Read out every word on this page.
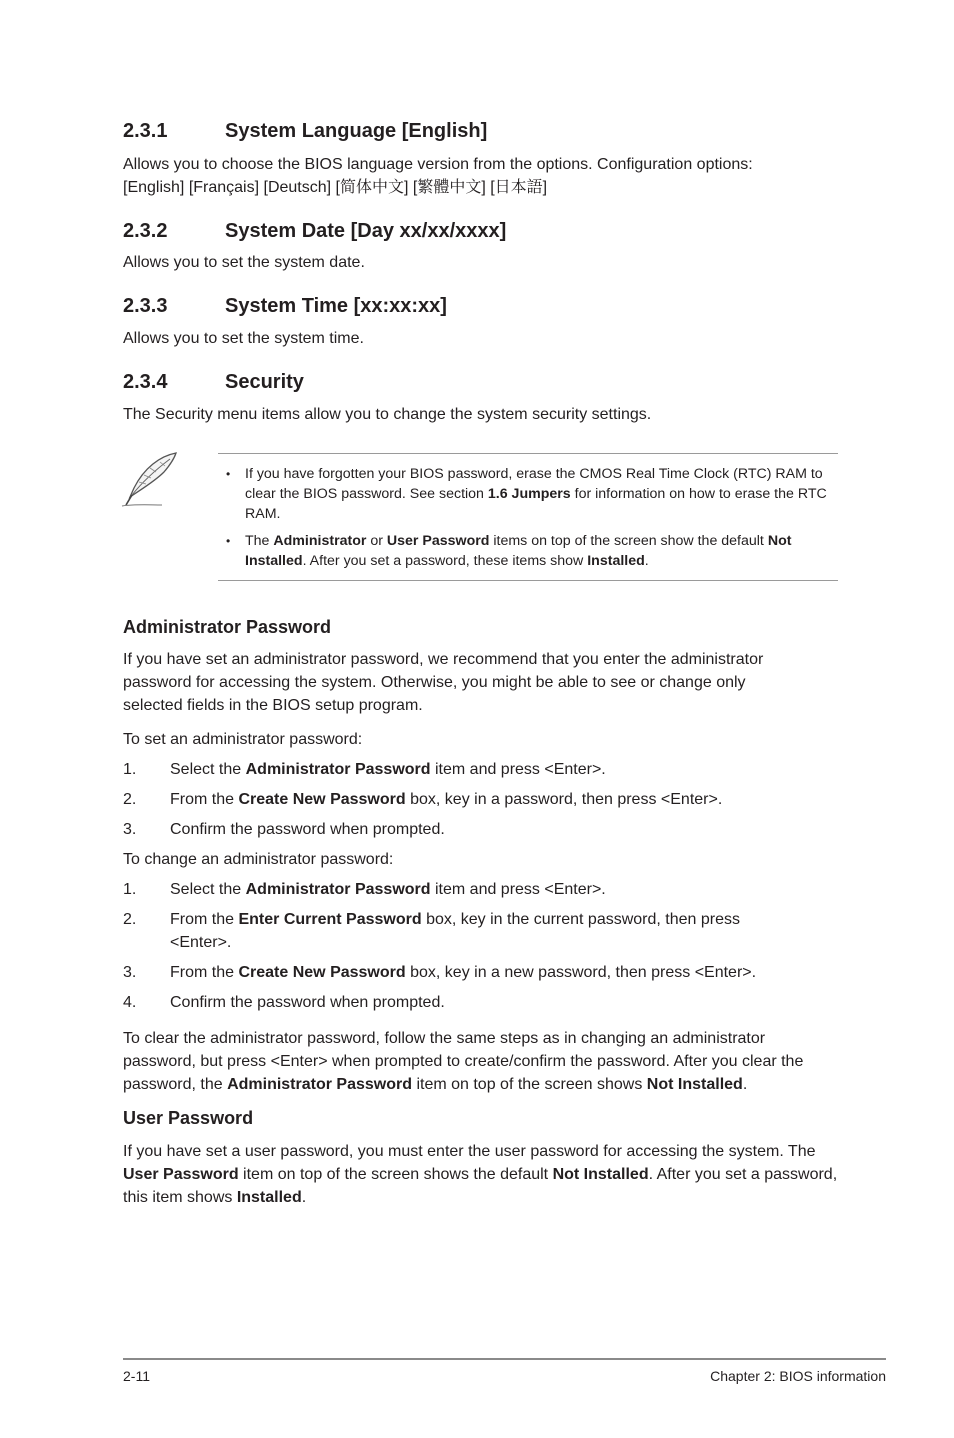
2.3.1	System Language [English]
Allows you to choose the BIOS language version from the options. Configuration options:
[English] [Français] [Deutsch] [简体中文] [繁體中文] [日本語]
2.3.2	System Date [Day xx/xx/xxxx]
Allows you to set the system date.
2.3.3	System Time [xx:xx:xx]
Allows you to set the system time.
2.3.4	Security
The Security menu items allow you to change the system security settings.
• If you have forgotten your BIOS password, erase the CMOS Real Time Clock (RTC) RAM to clear the BIOS password. See section 1.6 Jumpers for information on how to erase the RTC RAM.
• The Administrator or User Password items on top of the screen show the default Not Installed. After you set a password, these items show Installed.
Administrator Password
If you have set an administrator password, we recommend that you enter the administrator
password for accessing the system. Otherwise, you might be able to see or change only
selected fields in the BIOS setup program.
To set an administrator password:
1. Select the Administrator Password item and press <Enter>.
2. From the Create New Password box, key in a password, then press <Enter>.
3. Confirm the password when prompted.
To change an administrator password:
1. Select the Administrator Password item and press <Enter>.
2. From the Enter Current Password box, key in the current password, then press <Enter>.
3. From the Create New Password box, key in a new password, then press <Enter>.
4. Confirm the password when prompted.
To clear the administrator password, follow the same steps as in changing an administrator password, but press <Enter> when prompted to create/confirm the password. After you clear the password, the Administrator Password item on top of the screen shows Not Installed.
User Password
If you have set a user password, you must enter the user password for accessing the system. The User Password item on top of the screen shows the default Not Installed. After you set a password, this item shows Installed.
2-11	Chapter 2: BIOS information
